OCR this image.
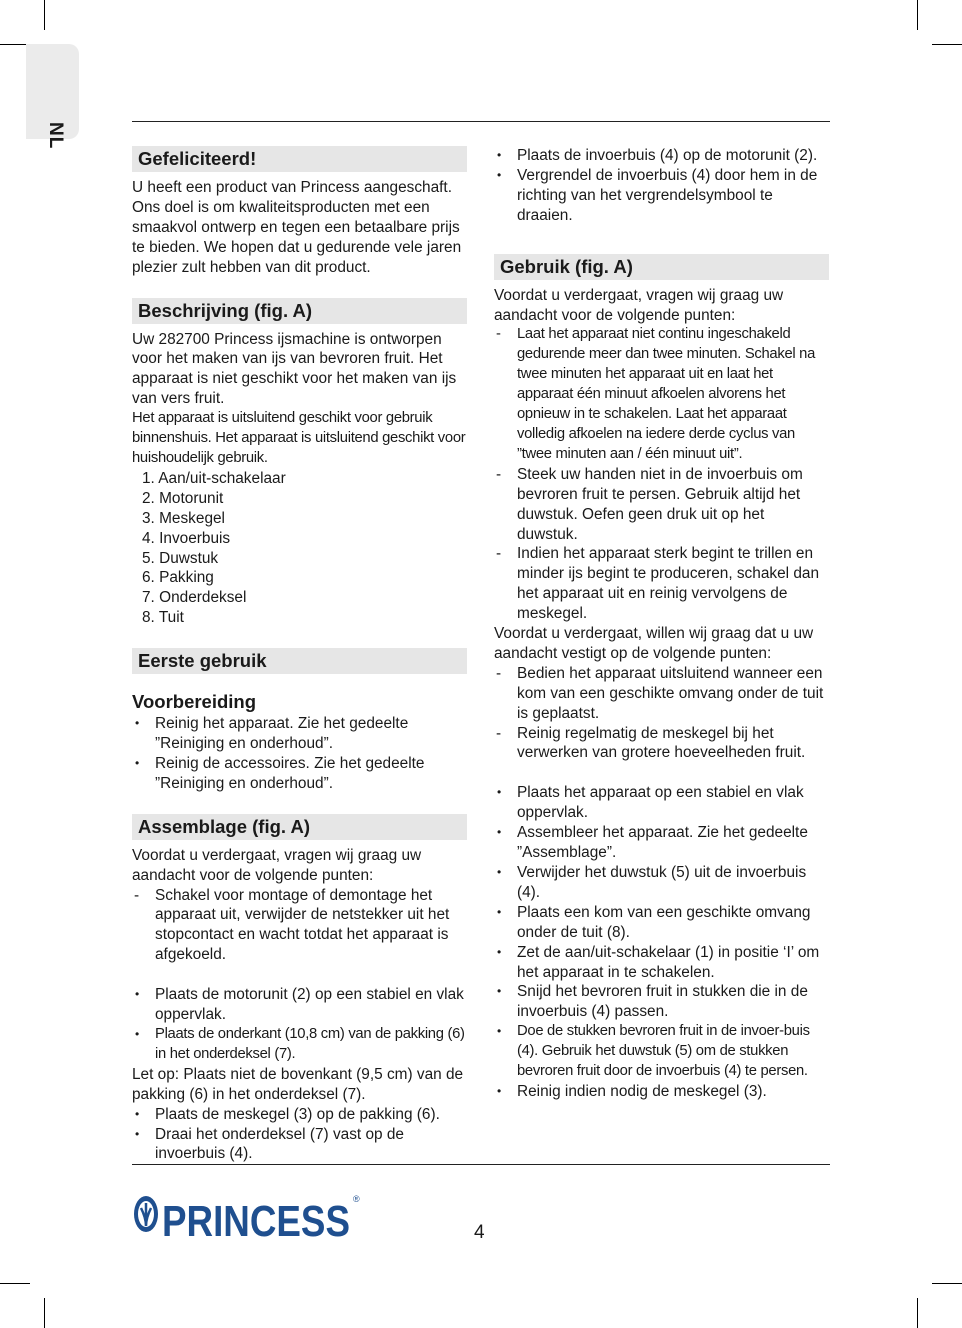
NL
Gefeliciteerd!

U heeft een product van Princess aangeschaft. Ons doel is om kwaliteitsproducten met een smaakvol ontwerp en tegen een betaalbare prijs te bieden. We hopen dat u gedurende vele jaren plezier zult hebben van dit product.

Beschrijving (fig. A)

Uw 282700 Princess ijsmachine is ontworpen voor het maken van ijs van bevroren fruit. Het apparaat is niet geschikt voor het maken van ijs van vers fruit.

Het apparaat is uitsluitend geschikt voor gebruik binnenshuis. Het apparaat is uitsluitend geschikt voor huishoudelijk gebruik.

1. Aan/uit-schakelaar
2. Motorunit
3. Meskegel
4. Invoerbuis
5. Duwstuk
6. Pakking
7. Onderdeksel
8. Tuit
Eerste gebruik
Voorbereiding
• Reinig het apparaat. Zie het gedeelte ”Reiniging en onderhoud”.
• Reinig de accessoires. Zie het gedeelte ”Reiniging en onderhoud”.
Assemblage (fig. A)

Voordat u verdergaat, vragen wij graag uw aandacht voor de volgende punten:

- Schakel voor montage of demontage het apparaat uit, verwijder de netstekker uit het stopcontact en wacht totdat het apparaat is afgekoeld.
• Plaats de motorunit (2) op een stabiel en vlak oppervlak.
• Plaats de onderkant (10,8 cm) van de pakking (6) in het onderdeksel (7).

Let op: Plaats niet de bovenkant (9,5 cm) van de pakking (6) in het onderdeksel (7).

• Plaats de meskegel (3) op de pakking (6).
• Draai het onderdeksel (7) vast op de invoerbuis (4).
• Plaats de invoerbuis (4) op de motorunit (2).
• Vergrendel de invoerbuis (4) door hem in de richting van het vergrendelsymbool te draaien.
Gebruik (fig. A)

Voordat u verdergaat, vragen wij graag uw aandacht voor de volgende punten:

- Laat het apparaat niet continu ingeschakeld gedurende meer dan twee minuten. Schakel na twee minuten het apparaat uit en laat het apparaat één minuut afkoelen alvorens het opnieuw in te schakelen. Laat het apparaat volledig afkoelen na iedere derde cyclus van ”twee minuten aan / één minuut uit”.
- Steek uw handen niet in de invoerbuis om bevroren fruit te persen. Gebruik altijd het duwstuk. Oefen geen druk uit op het duwstuk.
- Indien het apparaat sterk begint te trillen en minder ijs begint te produceren, schakel dan het apparaat uit en reinig vervolgens de meskegel.

Voordat u verdergaat, willen wij graag dat u uw aandacht vestigt op de volgende punten:

- Bedien het apparaat uitsluitend wanneer een kom van een geschikte omvang onder de tuit is geplaatst.
- Reinig regelmatig de meskegel bij het verwerken van grotere hoeveelheden fruit.
• Plaats het apparaat op een stabiel en vlak oppervlak.
• Assembleer het apparaat. Zie het gedeelte ”Assemblage”.
• Verwijder het duwstuk (5) uit de invoerbuis (4).
• Plaats een kom van een geschikte omvang onder de tuit (8).
• Zet de aan/uit-schakelaar (1) in positie ‘I’ om het apparaat in te schakelen.
• Snijd het bevroren fruit in stukken die in de invoerbuis (4) passen.
• Doe de stukken bevroren fruit in de invoer-buis (4). Gebruik het duwstuk (5) om de stukken bevroren fruit door de invoerbuis (4) te persen.
• Reinig indien nodig de meskegel (3).
PRINCESS ®
4
